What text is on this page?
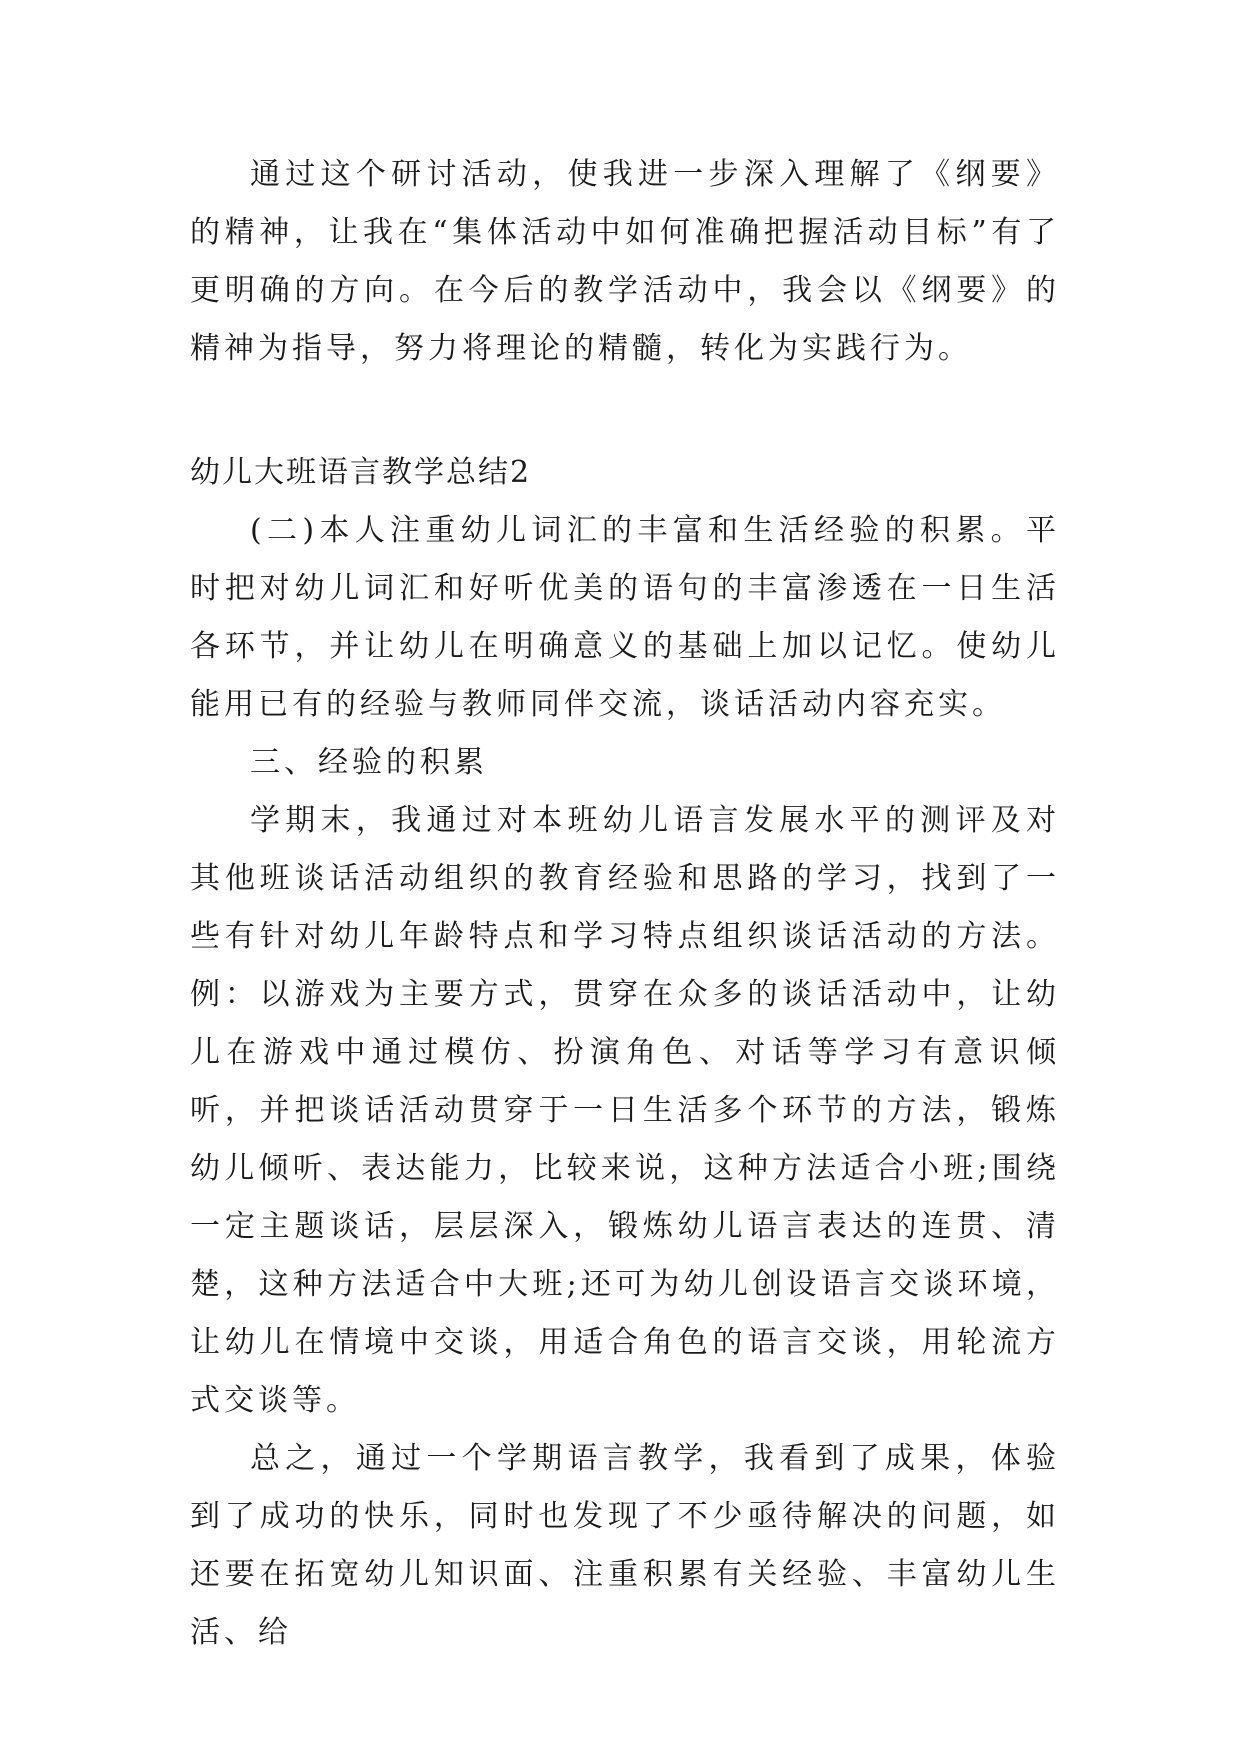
通过这个研讨活动，使我进一步深入理解了《纲要》的精神，让我在“集体活动中如何准确把握活动目标”有了更明确的方向。在今后的教学活动中，我会以《纲要》的精神为指导，努力将理论的精髓，转化为实践行为。

幼儿大班语言教学总结2

(二)本人注重幼儿词汇的丰富和生活经验的积累。平时把对幼儿词汇和好听优美的语句的丰富渗透在一日生活各环节，并让幼儿在明确意义的基础上加以记忆。使幼儿能用已有的经验与教师同伴交流，谈话活动内容充实。

三、经验的积累

学期末，我通过对本班幼儿语言发展水平的测评及对其他班谈话活动组织的教育经验和思路的学习，找到了一些有针对幼儿年龄特点和学习特点组织谈话活动的方法。例：以游戏为主要方式，贯穿在众多的谈话活动中，让幼儿在游戏中通过模仿、扮演角色、对话等学习有意识倾听，并把谈话活动贯穿于一日生活多个环节的方法，锻炼幼儿倾听、表达能力，比较来说，这种方法适合小班;围绕一定主题谈话，层层深入，锻炼幼儿语言表达的连贯、清楚，这种方法适合中大班;还可为幼儿创设语言交谈环境，让幼儿在情境中交谈，用适合角色的语言交谈，用轮流方式交谈等。

总之，通过一个学期语言教学，我看到了成果，体验到了成功的快乐，同时也发现了不少亟待解决的问题，如还要在拓宽幼儿知识面、注重积累有关经验、丰富幼儿生活、给
